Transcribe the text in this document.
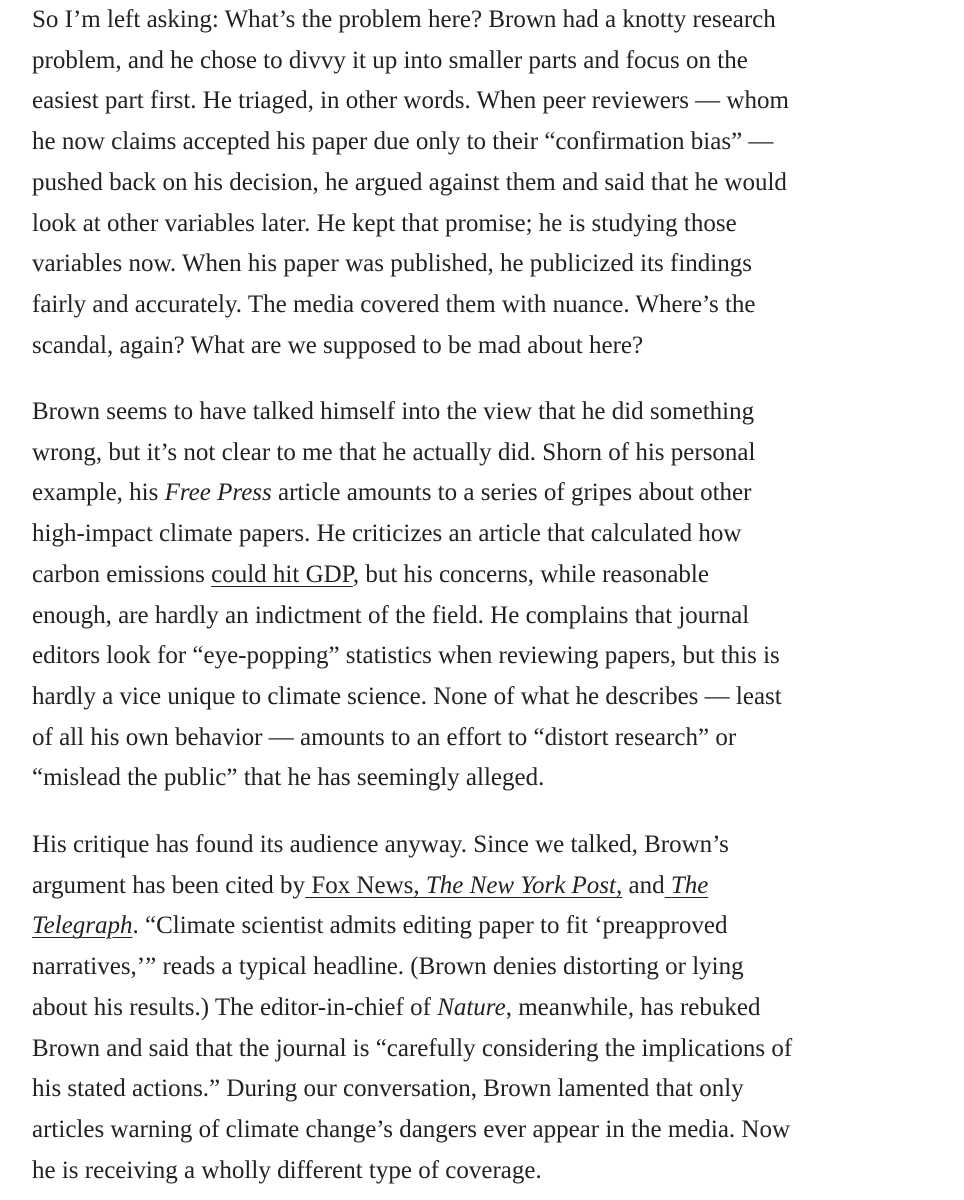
So I’m left asking: What’s the problem here? Brown had a knotty research
problem, and he chose to divvy it up into smaller parts and focus on the
easiest part first. He triaged, in other words. When peer reviewers — whom
he now claims accepted his paper due only to their “confirmation bias” —
pushed back on his decision, he argued against them and said that he would
look at other variables later. He kept that promise; he is studying those
variables now. When his paper was published, he publicized its findings
fairly and accurately. The media covered them with nuance. Where’s the
scandal, again? What are we supposed to be mad about here?

Brown seems to have talked himself into the view that he did something
wrong, but it’s not clear to me that he actually did. Shorn of his personal
example, his Free Press article amounts to a series of gripes about other
high-impact climate papers. He criticizes an article that calculated how
carbon emissions could hit GDP, but his concerns, while reasonable
enough, are hardly an indictment of the field. He complains that journal
editors look for “eye-popping” statistics when reviewing papers, but this is
hardly a vice unique to climate science. None of what he describes — least
of all his own behavior — amounts to an effort to “distort research” or
“mislead the public” that he has seemingly alleged.

His critique has found its audience anyway. Since we talked, Brown’s
argument has been cited by Fox News, The New York Post, and The
Telegraph. “Climate scientist admits editing paper to fit ‘preapproved
narratives,’” reads a typical headline. (Brown denies distorting or lying
about his results.) The editor-in-chief of Nature, meanwhile, has rebuked
Brown and said that the journal is “carefully considering the implications of
his stated actions.” During our conversation, Brown lamented that only
articles warning of climate change’s dangers ever appear in the media. Now
he is receiving a wholly different type of coverage.
